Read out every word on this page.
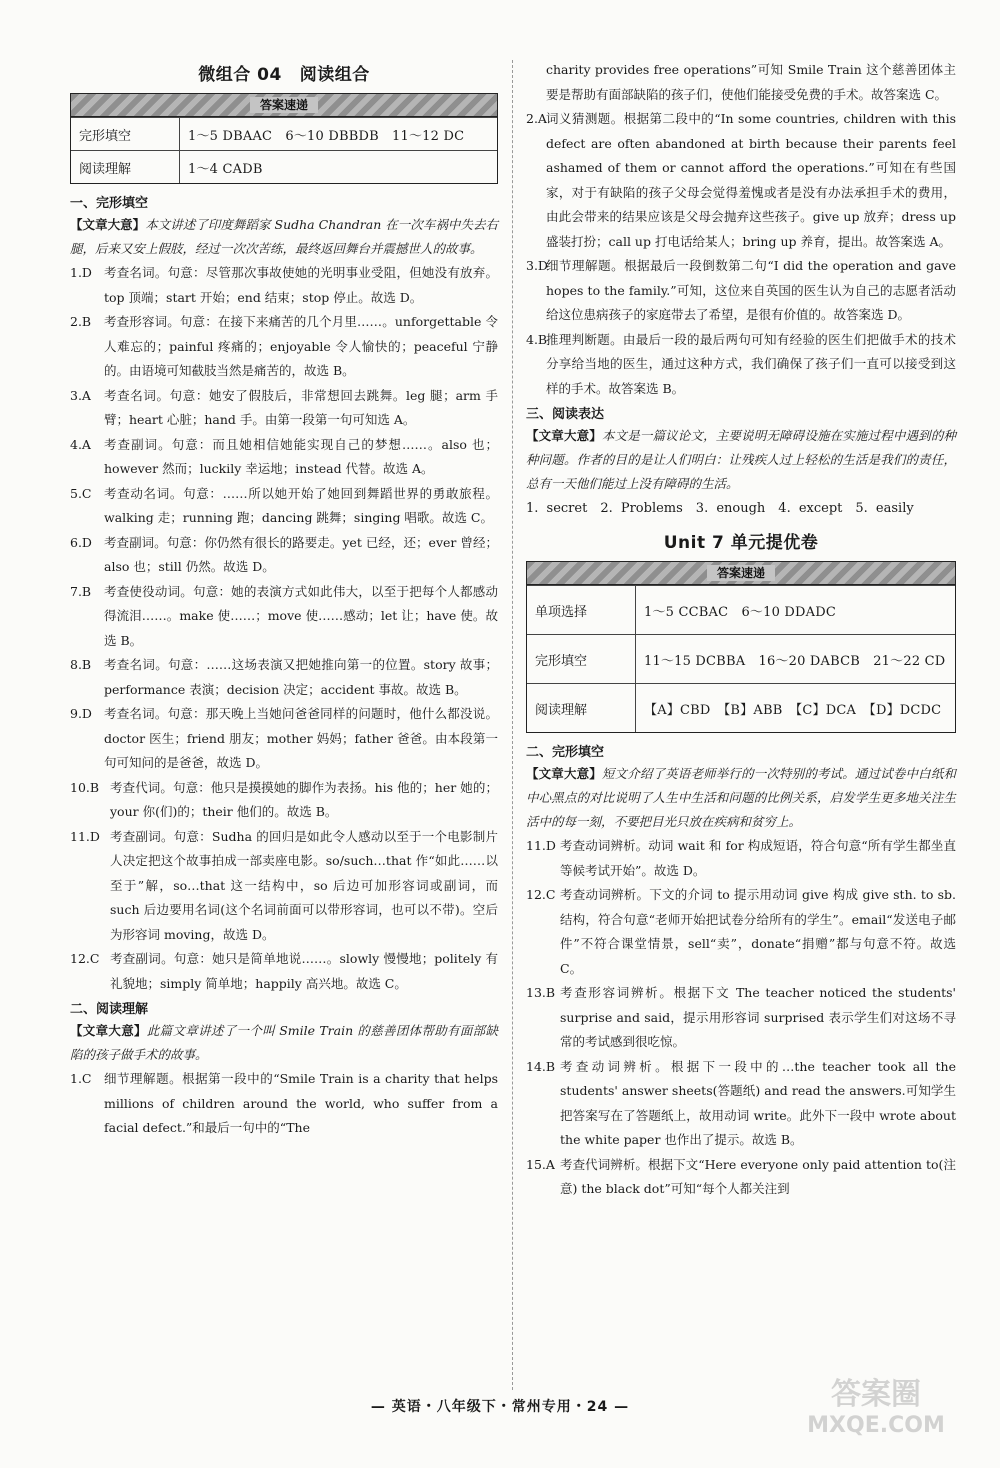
微组合 04 阅读组合
答案速递
完形填空	1～5 DBAAC　6～10 DBBDB　11～12 DC
阅读理解	1～4 CADB
一、完形填空
【文章大意】本文讲述了印度舞蹈家 Sudha Chandran 在一次车祸中失去右腿，后来又安上假肢，经过一次次苦练，最终返回舞台并震撼世人的故事。
1.D 考查名词。句意：尽管那次事故使她的光明事业受阻，但她没有放弃。top 顶端；start 开始；end 结束；stop 停止。故选 D。
2.B	考查形容词。句意：在接下来痛苦的几个月里……。unforgettable 令人难忘的；painful 疼痛的；enjoyable 令人愉快的；peaceful 宁静的。由语境可知截肢当然是痛苦的，故选 B。
3.A	考查名词。句意：她安了假肢后，非常想回去跳舞。leg 腿；arm 手臂；heart 心脏；hand 手。由第一段第一句可知选 A。
4.A	考查副词。句意：而且她相信她能实现自己的梦想……。also 也；however 然而；luckily 幸运地；instead 代替。故选 A。
5.C	考查动名词。句意：……所以她开始了她回到舞蹈世界的勇敢旅程。walking 走；running 跑；dancing 跳舞；singing 唱歌。故选 C。
6.D 考查副词。句意：你仍然有很长的路要走。yet 已经，还；ever 曾经；also 也；still 仍然。故选 D。
7.B	考查使役动词。句意：她的表演方式如此伟大，以至于把每个人都感动得流泪……。make 使……；move 使……感动；let 让；have 使。故选 B。
8.B	考查名词。句意：……这场表演又把她推向第一的位置。story 故事；performance 表演；decision 决定；accident 事故。故选 B。
9.D 考查名词。句意：那天晚上当她问爸爸同样的问题时，他什么都没说。doctor 医生；friend 朋友；mother 妈妈；father 爸爸。由本段第一句可知问的是爸爸，故选 D。
10.B 考查代词。句意：他只是摸摸她的脚作为表扬。his 他的；her 她的；your 你(们)的；their 他们的。故选 B。
11.D 考查副词。句意：Sudha 的回归是如此令人感动以至于一个电影制片人决定把这个故事拍成一部卖座电影。so/such…that 作“如此……以至于”解，so…that 这一结构中，so 后边可加形容词或副词，而 such 后边要用名词(这个名词前面可以带形容词，也可以不带)。空后为形容词 moving，故选 D。
12.C 考查副词。句意：她只是简单地说……。slowly 慢慢地；politely 有礼貌地；simply 简单地；happily 高兴地。故选 C。
二、阅读理解
【文章大意】此篇文章讲述了一个叫 Smile Train 的慈善团体帮助有面部缺陷的孩子做手术的故事。
1.C	细节理解题。根据第一段中的“Smile Train is a charity that helps millions of children around the world, who suffer from a facial defect.”和最后一句中的“The
charity provides free operations”可知 Smile Train 这个慈善团体主要是帮助有面部缺陷的孩子们，使他们能接受免费的手术。故答案选 C。
2.A 词义猜测题。根据第二段中的“In some countries, children with this defect are often abandoned at birth because their parents feel ashamed of them or cannot afford the operations.”可知在有些国家，对于有缺陷的孩子父母会觉得羞愧或者是没有办法承担手术的费用，由此会带来的结果应该是父母会抛弃这些孩子。give up 放弃；dress up 盛装打扮；call up 打电话给某人；bring up 养育，提出。故答案选 A。
3.D
细节理解题。根据最后一段倒数第二句“I did the operation and gave hopes to the family.”可知，这位来自英国的医生认为自己的志愿者活动给这位患病孩子的家庭带去了希望，是很有价值的。故答案选 D。
4.B
推理判断题。由最后一段的最后两句可知有经验的医生们把做手术的技术分享给当地的医生，通过这种方式，我们确保了孩子们一直可以接受到这样的手术。故答案选 B。
三、阅读表达
【文章大意】本文是一篇议论文，主要说明无障碍设施在实施过程中遇到的种种问题。作者的目的是让人们明白：让残疾人过上轻松的生活是我们的责任，总有一天他们能过上没有障碍的生活。
1. secret　2. Problems　3. enough　4. except　5. easily
Unit 7 单元提优卷
答案速递
单项选择	1～5 CCBAC　6～10 DDADC
完形填空	11～15 DCBBA　16～20 DABCB　21～22 CD
阅读理解	【A】CBD　【B】ABB　【C】DCA　【D】DCDC
二、完形填空
【文章大意】短文介绍了英语老师举行的一次特别的考试。通过试卷中白纸和中心黑点的对比说明了人生中生活和问题的比例关系，启发学生更多地关注生活中的每一刻，不要把目光只放在疾病和贫穷上。
11.D 考查动词辨析。动词 wait 和 for 构成短语，符合句意“所有学生都坐直等候考试开始”。故选 D。
12.C 考查动词辨析。下文的介词 to 提示用动词 give 构成 give sth. to sb.结构，符合句意“老师开始把试卷分给所有的学生”。email“发送电子邮件”不符合课堂情景，sell“卖”，donate“捐赠”都与句意不符。故选 C。
13.B 考查形容词辨析。根据下文 The teacher noticed the students' surprise and said，提示用形容词 surprised 表示学生们对这场不寻常的考试感到很吃惊。
14.B 考查动词辨析。根据下一段中的…the teacher took all the students' answer sheets(答题纸) and read the answers.可知学生把答案写在了答题纸上，故用动词 write。此外下一段中 wrote about the white paper 也作出了提示。故选 B。
15.A 考查代词辨析。根据下文“Here everyone only paid attention to(注意) the black dot”可知“每个人都关注到
— 英语・八年级下・常州专用・24 —	答案圈
MXQE.COM
